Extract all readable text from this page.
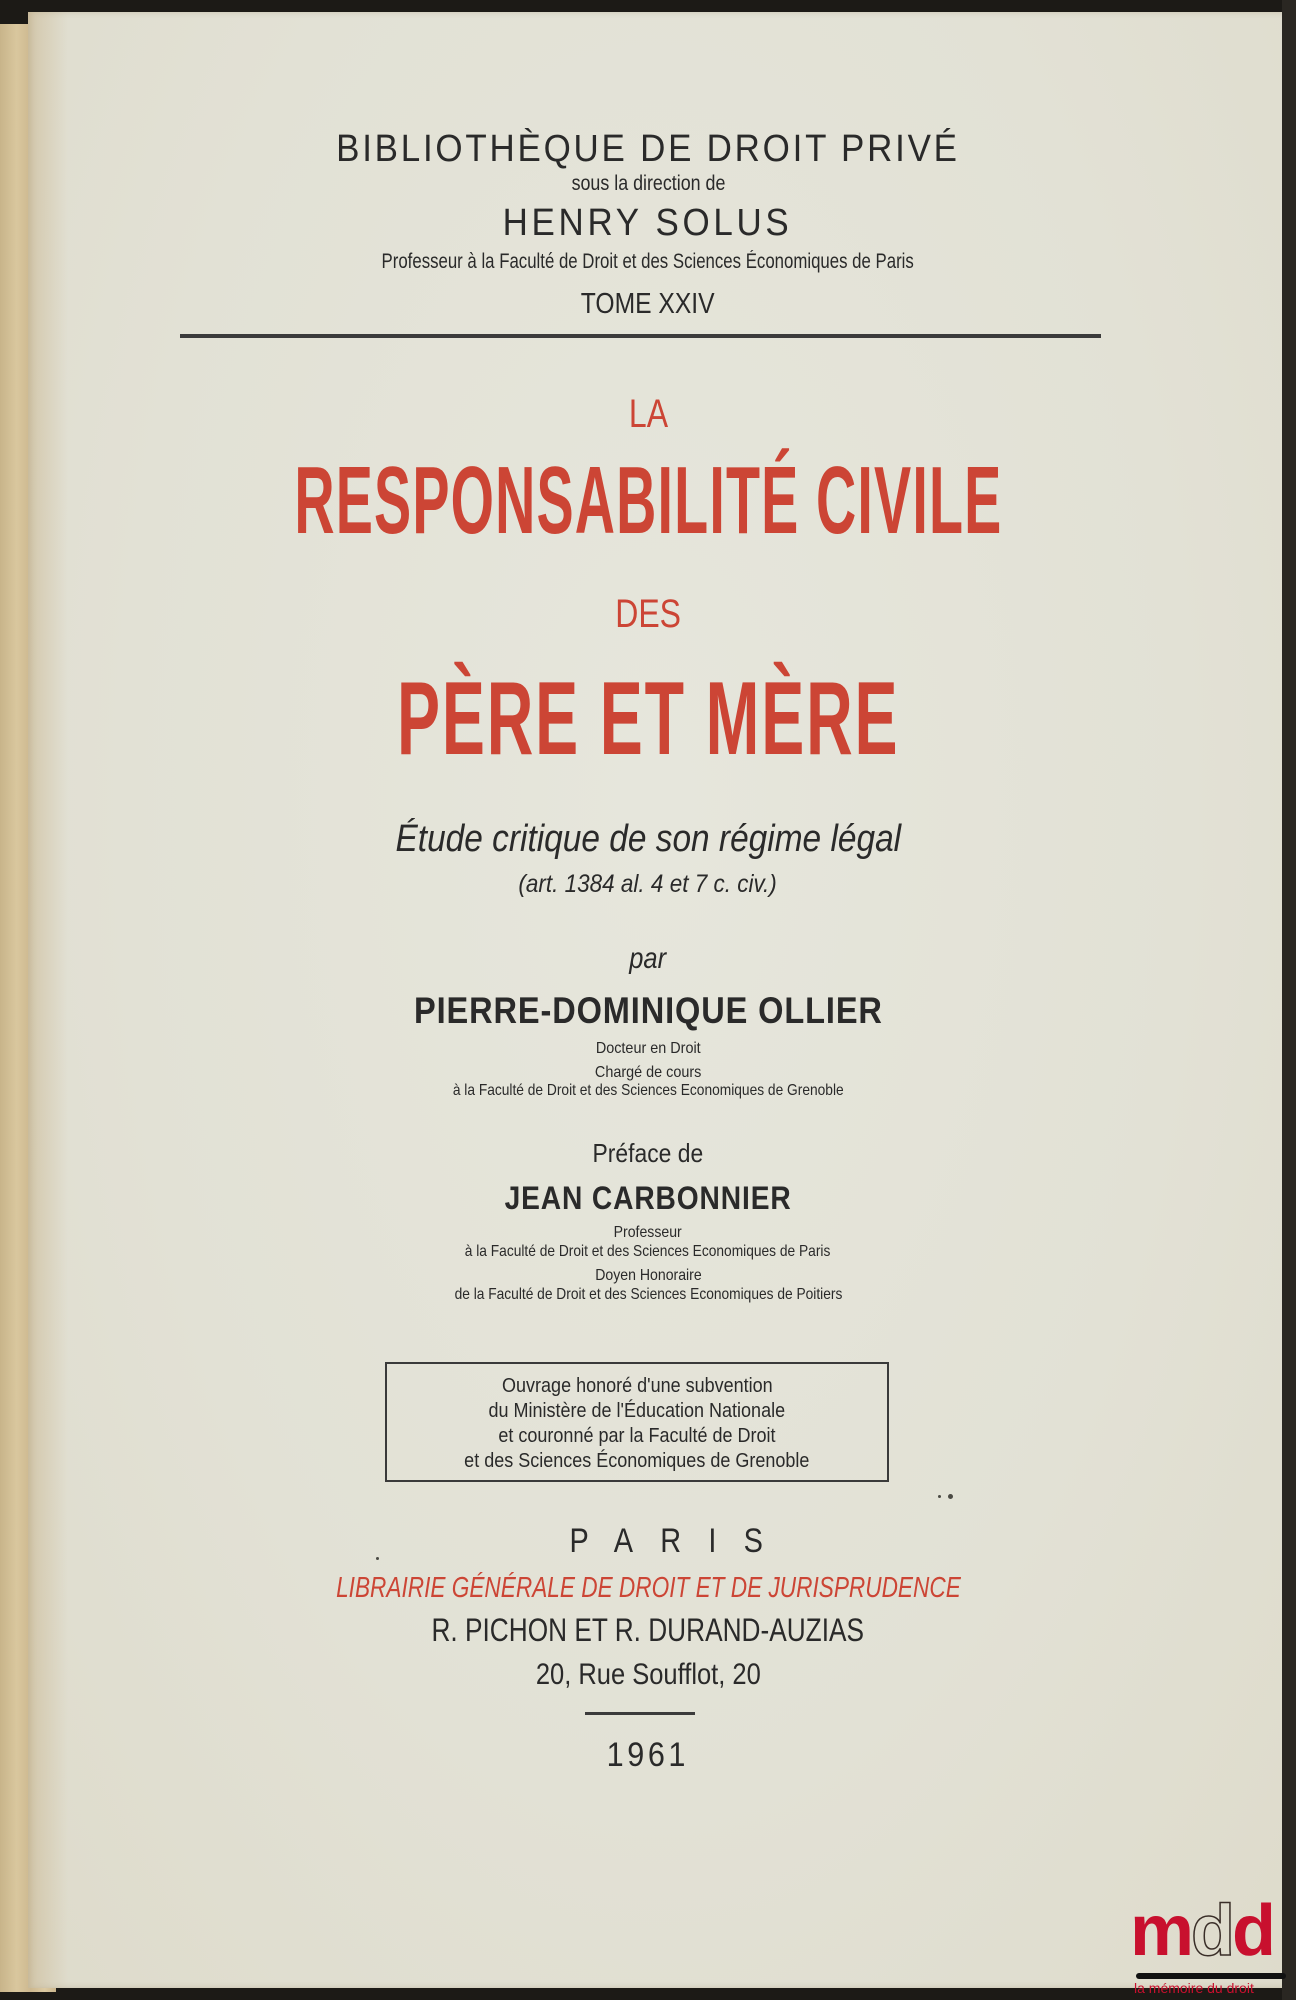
BIBLIOTHÈQUE DE DROIT PRIVÉ
sous la direction de
HENRY SOLUS
Professeur à la Faculté de Droit et des Sciences Économiques de Paris
TOME XXIV
LA
RESPONSABILITÉ CIVILE
DES
PÈRE ET MÈRE
Étude critique de son régime légal
(art. 1384 al. 4 et 7 c. civ.)
par
PIERRE-DOMINIQUE OLLIER
Docteur en Droit
Chargé de cours
à la Faculté de Droit et des Sciences Economiques de Grenoble
Préface de
JEAN CARBONNIER
Professeur
à la Faculté de Droit et des Sciences Economiques de Paris
Doyen Honoraire
de la Faculté de Droit et des Sciences Economiques de Poitiers
Ouvrage honoré d'une subvention
du Ministère de l'Éducation Nationale
et couronné par la Faculté de Droit
et des Sciences Économiques de Grenoble
PARIS
LIBRAIRIE GÉNÉRALE DE DROIT ET DE JURISPRUDENCE
R. PICHON ET R. DURAND-AUZIAS
20, Rue Soufflot, 20
1961
mdd
la mémoire du droit
